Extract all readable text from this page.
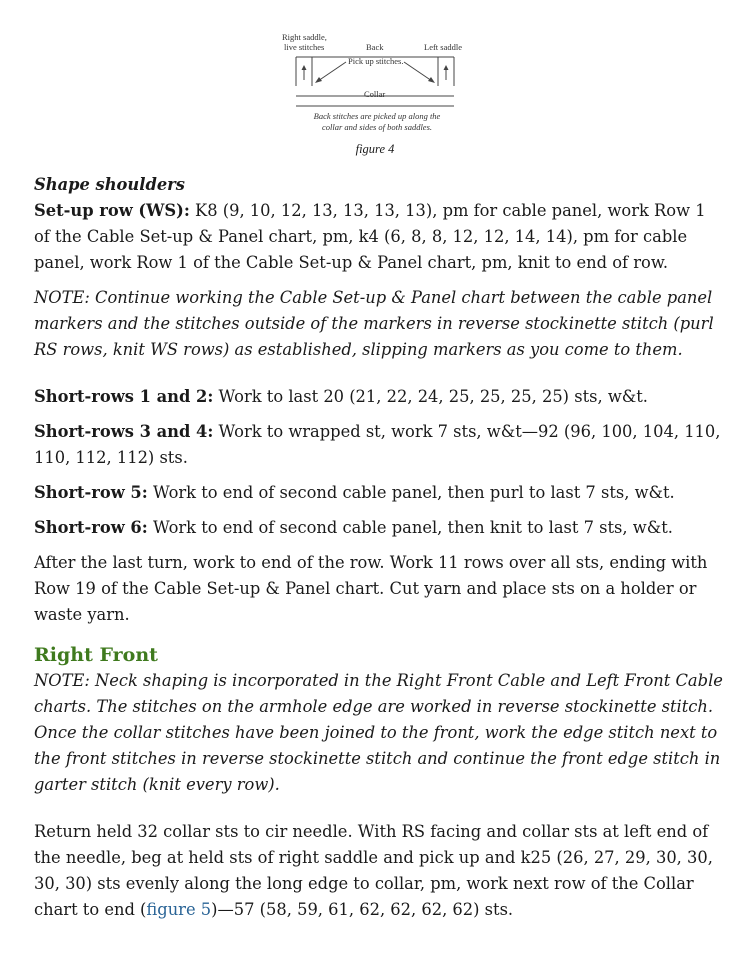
Right saddle,
live stitches	Back	Left saddle
Pick up stitches.
Collar
Back stitches are picked up along the
collar and sides of both saddles.
figure 4
Shape shoulders

Set-up row (WS): K8 (9, 10, 12, 13, 13, 13, 13), pm for cable panel, work Row 1 of the Cable Set-up & Panel chart, pm, k4 (6, 8, 8, 12, 12, 14, 14), pm for cable panel, work Row 1 of the Cable Set-up & Panel chart, pm, knit to end of row.

NOTE: Continue working the Cable Set-up & Panel chart between the cable panel markers and the stitches outside of the markers in reverse stockinette stitch (purl RS rows, knit WS rows) as established, slipping markers as you come to them.

Short-rows 1 and 2: Work to last 20 (21, 22, 24, 25, 25, 25, 25) sts, w&t.

Short-rows 3 and 4: Work to wrapped st, work 7 sts, w&t—92 (96, 100, 104, 110, 110, 112, 112) sts.

Short-row 5: Work to end of second cable panel, then purl to last 7 sts, w&t.

Short-row 6: Work to end of second cable panel, then knit to last 7 sts, w&t.

After the last turn, work to end of the row. Work 11 rows over all sts, ending with Row 19 of the Cable Set-up & Panel chart. Cut yarn and place sts on a holder or waste yarn.

Right Front

NOTE: Neck shaping is incorporated in the Right Front Cable and Left Front Cable charts. The stitches on the armhole edge are worked in reverse stockinette stitch. Once the collar stitches have been joined to the front, work the edge stitch next to the front stitches in reverse stockinette stitch and continue the front edge stitch in garter stitch (knit every row).

Return held 32 collar sts to cir needle. With RS facing and collar sts at left end of the needle, beg at held sts of right saddle and pick up and k25 (26, 27, 29, 30, 30, 30, 30) sts evenly along the long edge to collar, pm, work next row of the Collar chart to end (figure 5)—57 (58, 59, 61, 62, 62, 62, 62) sts.
